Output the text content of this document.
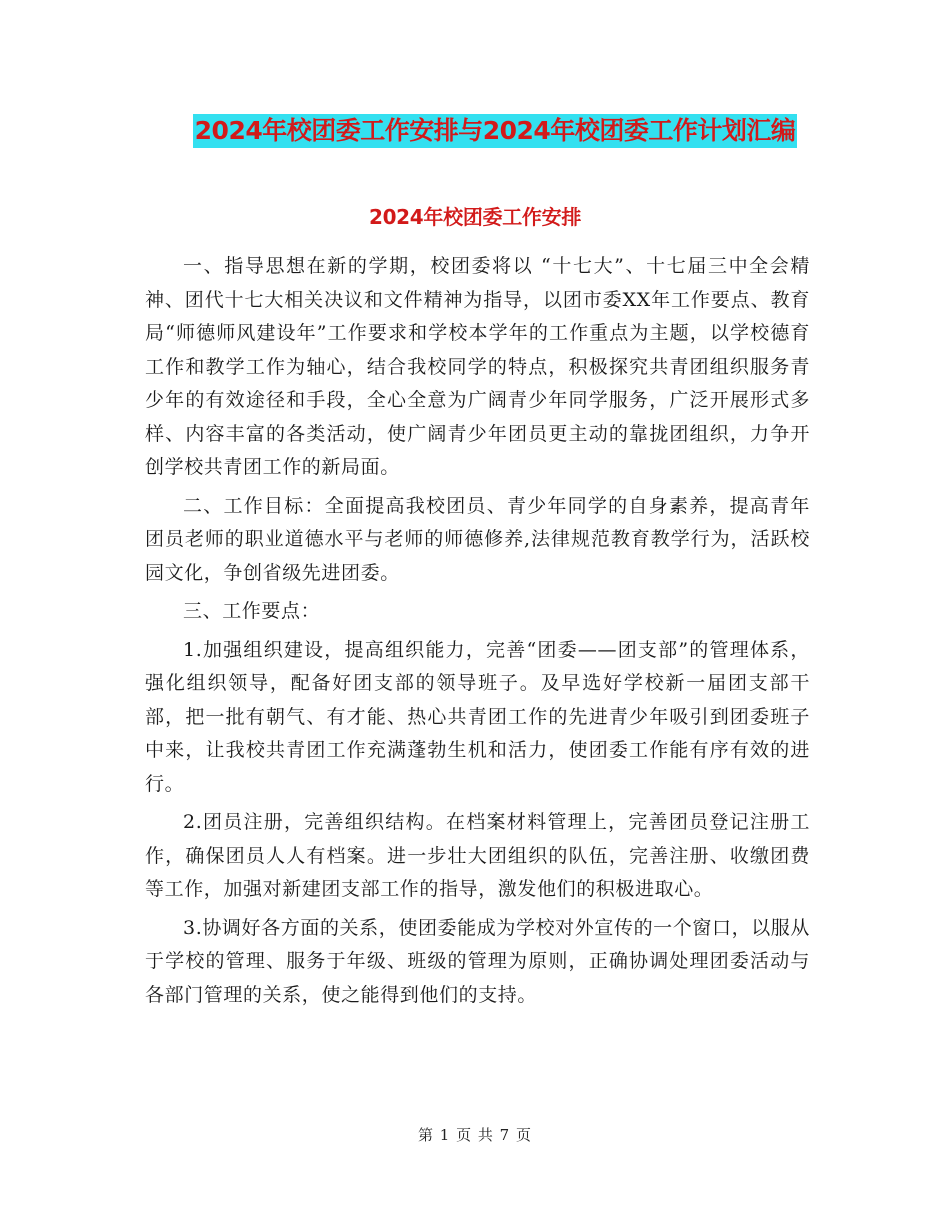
2024年校团委工作安排与2024年校团委工作计划汇编
2024年校团委工作安排

一、指导思想在新的学期，校团委将以 “十七大”、十七届三中全会精神、团代十七大相关决议和文件精神为指导，以团市委XX年工作要点、教育局“师德师风建设年”工作要求和学校本学年的工作重点为主题，以学校德育工作和教学工作为轴心，结合我校同学的特点，积极探究共青团组织服务青少年的有效途径和手段，全心全意为广阔青少年同学服务，广泛开展形式多样、内容丰富的各类活动，使广阔青少年团员更主动的靠拢团组织，力争开创学校共青团工作的新局面。

二、工作目标：全面提高我校团员、青少年同学的自身素养，提高青年团员老师的职业道德水平与老师的师德修养,法律规范教育教学行为，活跃校园文化，争创省级先进团委。

三、工作要点：

1.加强组织建设，提高组织能力，完善“团委——团支部”的管理体系，强化组织领导，配备好团支部的领导班子。及早选好学校新一届团支部干部，把一批有朝气、有才能、热心共青团工作的先进青少年吸引到团委班子中来，让我校共青团工作充满蓬勃生机和活力，使团委工作能有序有效的进行。

2.团员注册，完善组织结构。在档案材料管理上，完善团员登记注册工作，确保团员人人有档案。进一步壮大团组织的队伍，完善注册、收缴团费等工作，加强对新建团支部工作的指导，激发他们的积极进取心。

3.协调好各方面的关系，使团委能成为学校对外宣传的一个窗口，以服从于学校的管理、服务于年级、班级的管理为原则，正确协调处理团委活动与各部门管理的关系，使之能得到他们的支持。

第 1 页 共 7 页
